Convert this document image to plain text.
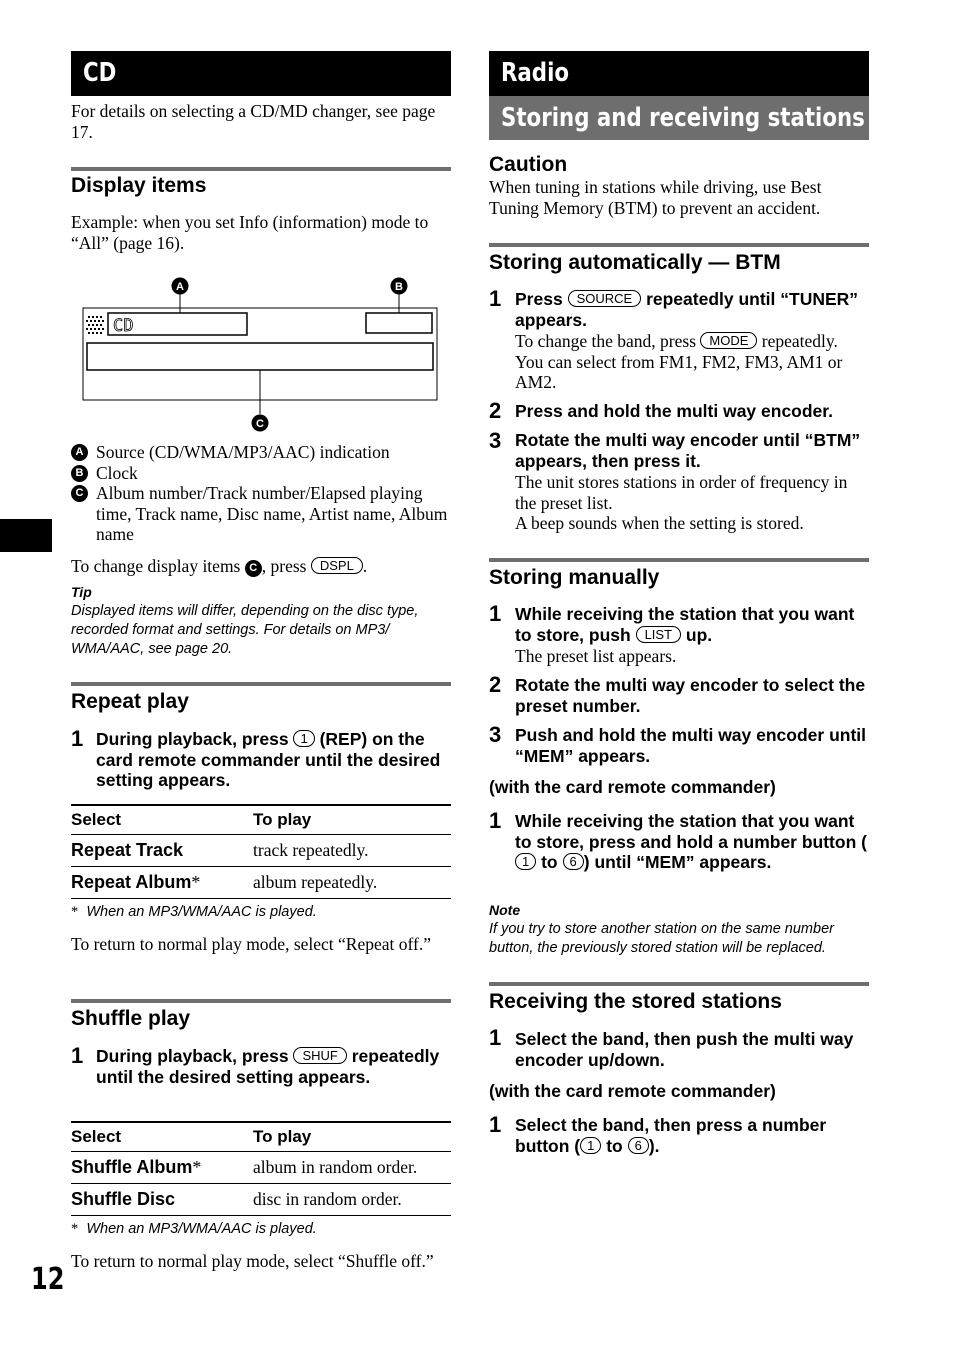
12
CD
For details on selecting a CD/MD changer, see page 17.
Display items
Example: when you set Info (information) mode to “All” (page 16).
CD
A	B
C
A Source (CD/WMA/MP3/AAC) indication
B Clock
C Album number/Track number/Elapsed playing time, Track name, Disc name, Artist name, Album name
To change display items C , press DSPL .
Tip
Displayed items will differ, depending on the disc type, recorded format and settings. For details on MP3/ WMA/AAC, see page 20.
Repeat play
1 During playback, press 1 (REP) on the card remote commander until the desired setting appears.
Select	To play
Repeat Track	track repeatedly.
Repeat Album*	album repeatedly.
* When an MP3/WMA/AAC is played.
To return to normal play mode, select “Repeat off.”
Shuffle play
1 During playback, press SHUF repeatedly until the desired setting appears.
Select	To play
Shuffle Album*	album in random order.
Shuffle Disc	disc in random order.
* When an MP3/WMA/AAC is played.
To return to normal play mode, select “Shuffle off.”
Radio
Storing and receiving stations
Caution
When tuning in stations while driving, use Best Tuning Memory (BTM) to prevent an accident.
Storing automatically — BTM
1 Press SOURCE repeatedly until “TUNER” appears.
To change the band, press MODE repeatedly. You can select from FM1, FM2, FM3, AM1 or AM2.
2 Press and hold the multi way encoder.
3 Rotate the multi way encoder until “BTM” appears, then press it.
The unit stores stations in order of frequency in the preset list.
A beep sounds when the setting is stored.
Storing manually
1 While receiving the station that you want to store, push LIST up.
The preset list appears.
2 Rotate the multi way encoder to select the preset number.
3 Push and hold the multi way encoder until “MEM” appears.
(with the card remote commander)
1 While receiving the station that you want to store, press and hold a number button (1 to 6 ) until “MEM” appears.
Note
If you try to store another station on the same number button, the previously stored station will be replaced.
Receiving the stored stations
1 Select the band, then push the multi way encoder up/down.
(with the card remote commander)
1 Select the band, then press a number button ( 1 to 6 ).
